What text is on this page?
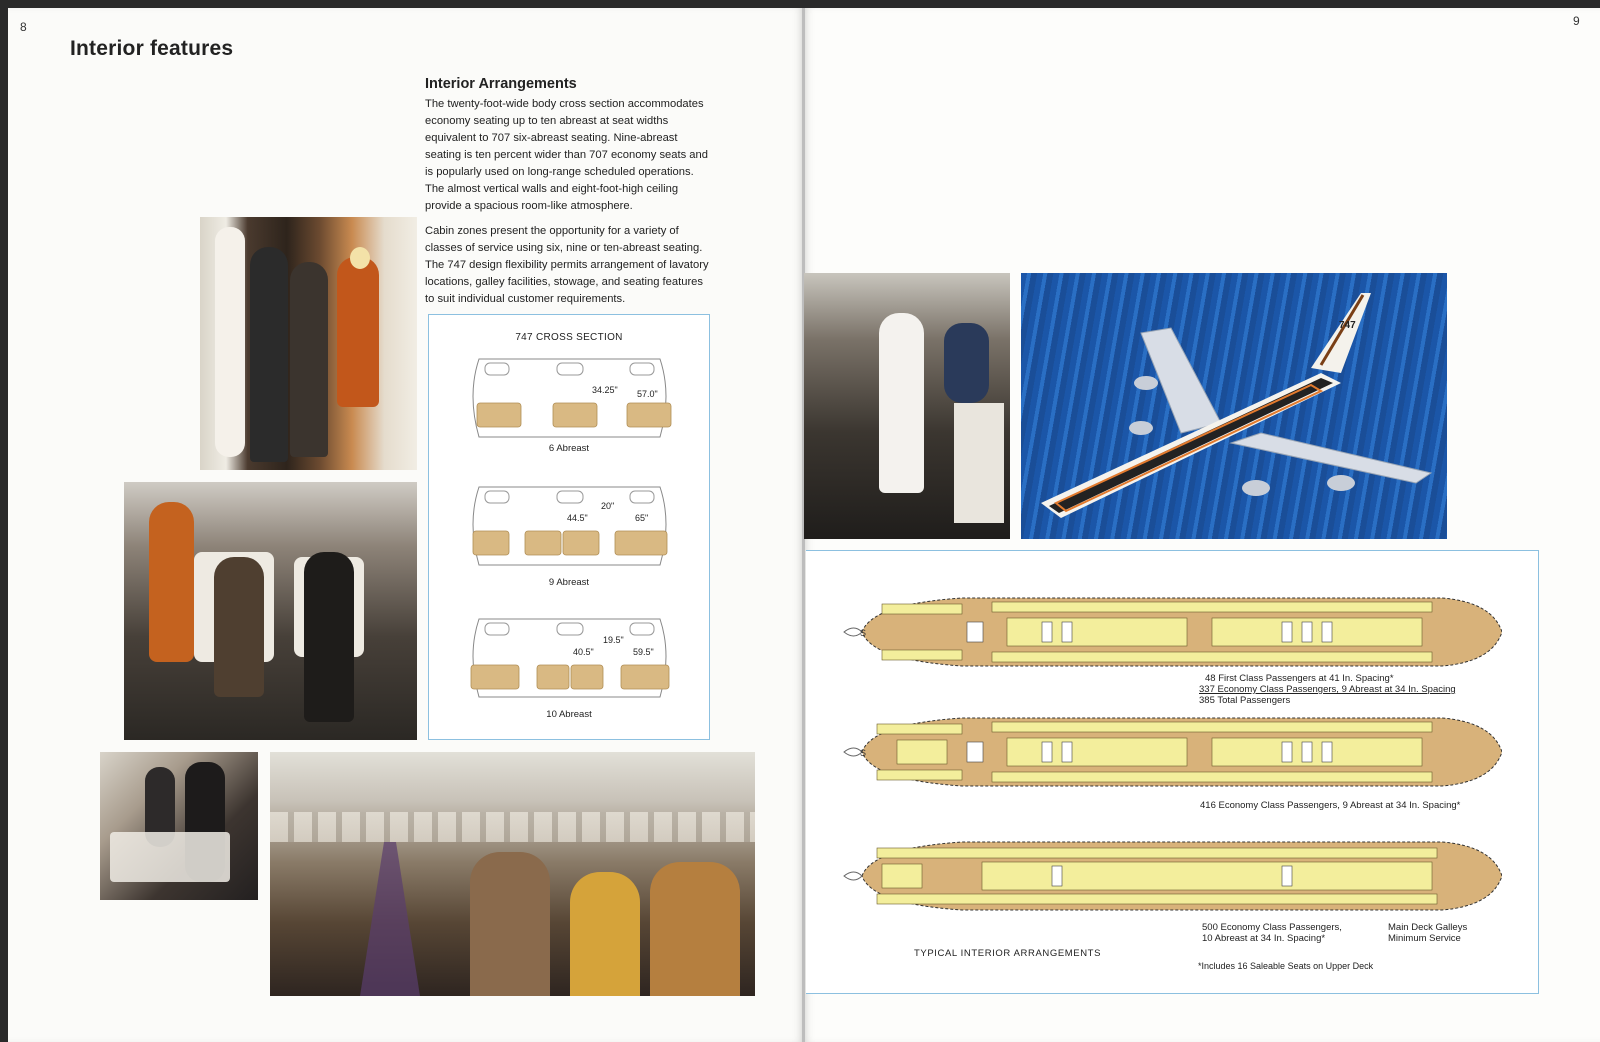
8
Interior features
Interior Arrangements

The twenty-foot-wide body cross section accommodates economy seating up to ten abreast at seat widths equivalent to 707 six-abreast seating. Nine-abreast seating is ten percent wider than 707 economy seats and is popularly used on long-range scheduled operations. The almost vertical walls and eight-foot-high ceiling provide a spacious room-like atmosphere.

Cabin zones present the opportunity for a variety of classes of service using six, nine or ten-abreast seating. The 747 design flexibility permits arrangement of lavatory locations, galley facilities, stowage, and seating features to suit individual customer requirements.

747 CROSS SECTION
34.25" 57.0"
6 Abreast
44.5"
20"
65"
9 Abreast
40.5"
19.5"
59.5"
10 Abreast
9
747
S
48 First Class Passengers at 41 In. Spacing*
337 Economy Class Passengers, 9 Abreast at 34 In. Spacing
385 Total Passengers
S
416 Economy Class Passengers, 9 Abreast at 34 In. Spacing*
500 Economy Class Passengers,
10 Abreast at 34 In. Spacing*
Main Deck Galleys
Minimum Service
TYPICAL INTERIOR ARRANGEMENTS
*Includes 16 Saleable Seats on Upper Deck
